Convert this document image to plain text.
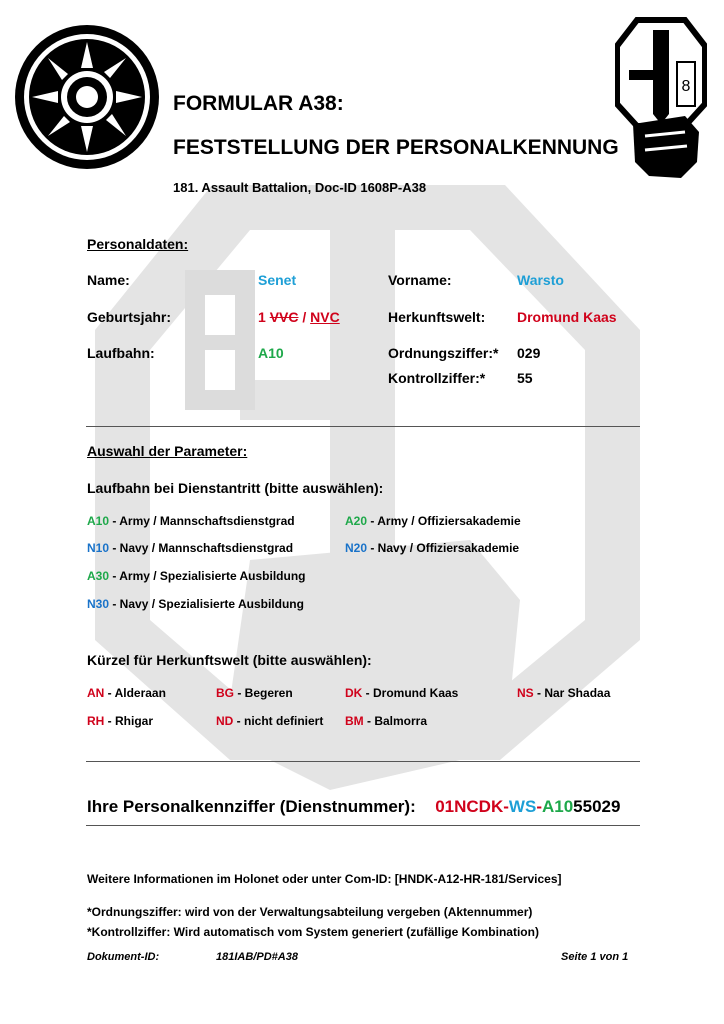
8
FORMULAR A38:
FESTSTELLUNG DER PERSONALKENNUNG
181. Assault Battalion, Doc-ID 1608P-A38
Personaldaten:
Name:	Senet	Vorname:	Warsto
Geburtsjahr:	1 VVC / NVC	Herkunftswelt: Dromund Kaas
Laufbahn:	A10	Ordnungsziffer:* 029
Kontrollziffer:* 55
Auswahl der Parameter:
Laufbahn bei Dienstantritt (bitte auswählen):
A10 - Army / Mannschaftsdienstgrad	A20 - Army / Offiziersakademie
N10 - Navy / Mannschaftsdienstgrad	N20 - Navy / Offiziersakademie
A30 - Army / Spezialisierte Ausbildung
N30 - Navy / Spezialisierte Ausbildung
Kürzel für Herkunftswelt (bitte auswählen):
AN - Alderaan	BG - Begeren	DK - Dromund Kaas	NS - Nar Shadaa
RH - Rhigar	ND - nicht definiert BM - Balmorra
Ihre Personalkennziffer (Dienstnummer): 01NCDK-WS-A1055029
Weitere Informationen im Holonet oder unter Com-ID: [HNDK-A12-HR-181/Services]
*Ordnungsziffer: wird von der Verwaltungsabteilung vergeben (Aktennummer)
*Kontrollziffer: Wird automatisch vom System generiert (zufällige Kombination)
Dokument-ID:	181IAB/PD#A38	Seite 1 von 1
